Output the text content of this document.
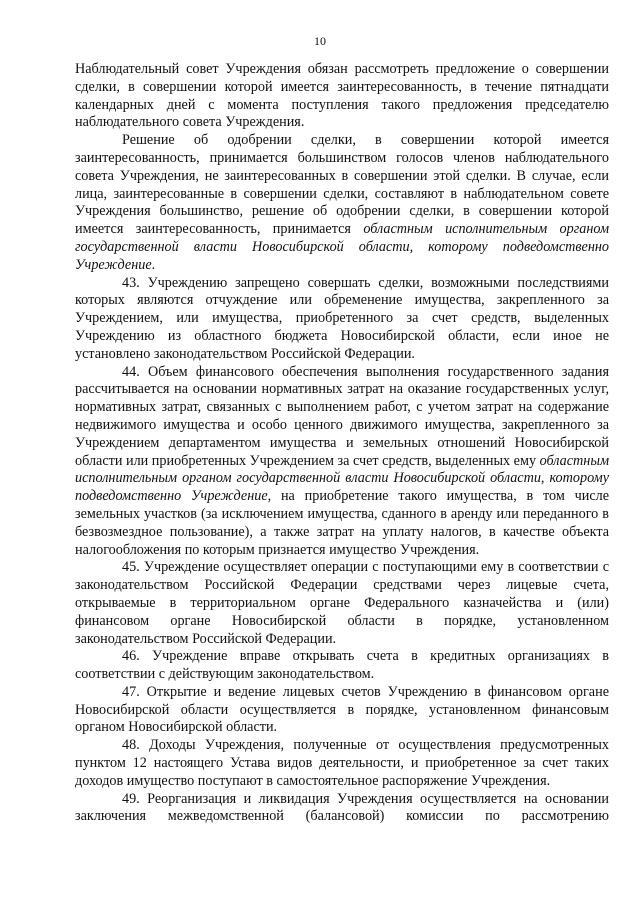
10

Наблюдательный совет Учреждения обязан рассмотреть предложение о совершении сделки, в совершении которой имеется заинтересованность, в течение пятнадцати календарных дней с момента поступления такого предложения председателю наблюдательного совета Учреждения.

Решение об одобрении сделки, в совершении которой имеется заинтересованность, принимается большинством голосов членов наблюдательного совета Учреждения, не заинтересованных в совершении этой сделки. В случае, если лица, заинтересованные в совершении сделки, составляют в наблюдательном совете Учреждения большинство, решение об одобрении сделки, в совершении которой имеется заинтересованность, принимается областным исполнительным органом государственной власти Новосибирской области, которому подведомственно Учреждение.

43. Учреждению запрещено совершать сделки, возможными последствиями которых являются отчуждение или обременение имущества, закрепленного за Учреждением, или имущества, приобретенного за счет средств, выделенных Учреждению из областного бюджета Новосибирской области, если иное не установлено законодательством Российской Федерации.

44. Объем финансового обеспечения выполнения государственного задания рассчитывается на основании нормативных затрат на оказание государственных услуг, нормативных затрат, связанных с выполнением работ, с учетом затрат на содержание недвижимого имущества и особо ценного движимого имущества, закрепленного за Учреждением департаментом имущества и земельных отношений Новосибирской области или приобретенных Учреждением за счет средств, выделенных ему областным исполнительным органом государственной власти Новосибирской области, которому подведомственно Учреждение, на приобретение такого имущества, в том числе земельных участков (за исключением имущества, сданного в аренду или переданного в безвозмездное пользование), а также затрат на уплату налогов, в качестве объекта налогообложения по которым признается имущество Учреждения.

45. Учреждение осуществляет операции с поступающими ему в соответствии с законодательством Российской Федерации средствами через лицевые счета, открываемые в территориальном органе Федерального казначейства и (или) финансовом органе Новосибирской области в порядке, установленном законодательством Российской Федерации.

46. Учреждение вправе открывать счета в кредитных организациях в соответствии с действующим законодательством.

47. Открытие и ведение лицевых счетов Учреждению в финансовом органе Новосибирской области осуществляется в порядке, установленном финансовым органом Новосибирской области.

48. Доходы Учреждения, полученные от осуществления предусмотренных пунктом 12 настоящего Устава видов деятельности, и приобретенное за счет таких доходов имущество поступают в самостоятельное распоряжение Учреждения.

49. Реорганизация и ликвидация Учреждения осуществляется на основании заключения межведомственной (балансовой) комиссии по рассмотрению
